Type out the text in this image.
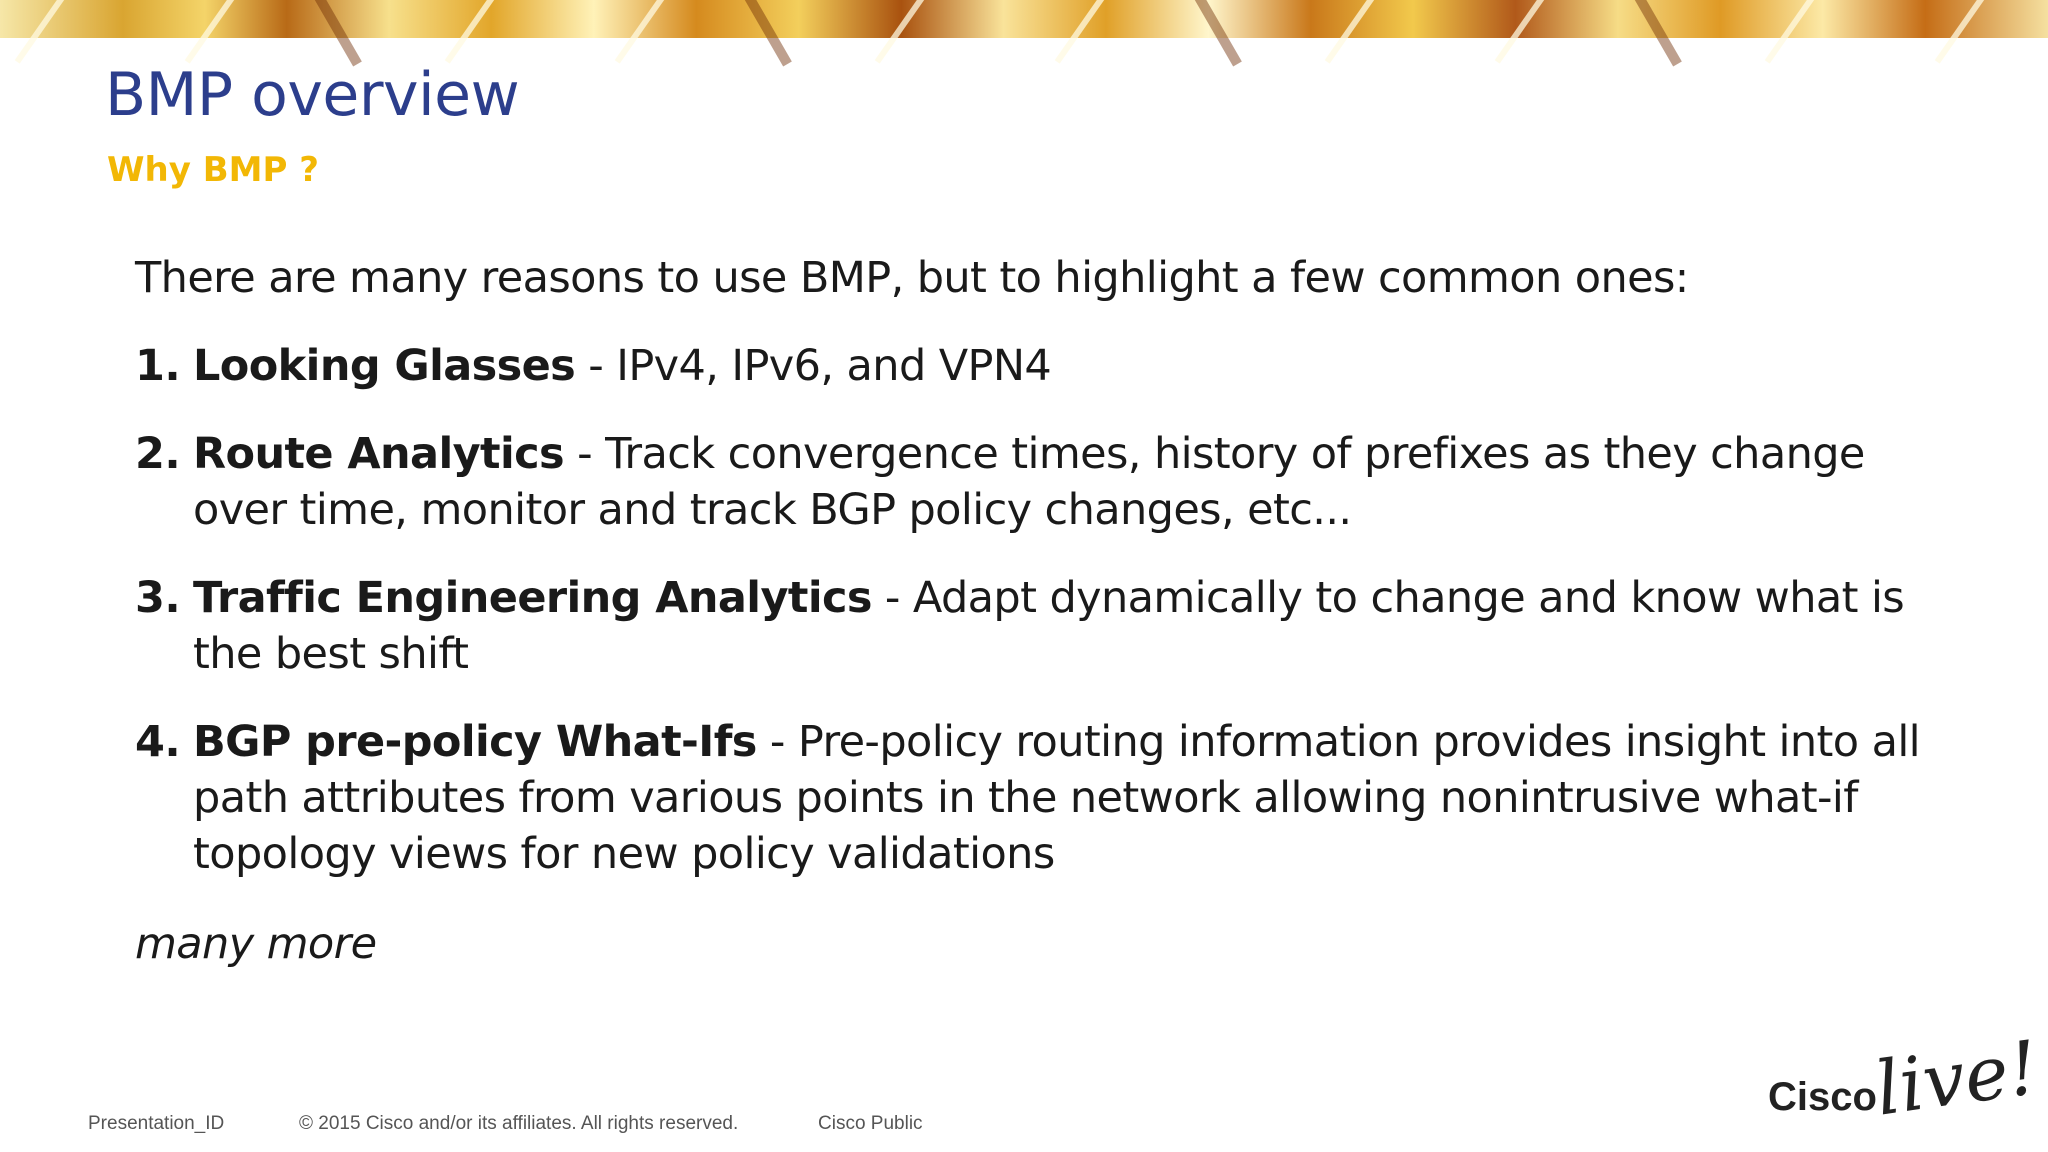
BMP overview
Why BMP ?

There are many reasons to use BMP, but to highlight a few common ones:

1. Looking Glasses - IPv4, IPv6, and VPN4
2. Route Analytics - Track convergence times, history of prefixes as they change over time, monitor and track BGP policy changes, etc...
3. Traffic Engineering Analytics - Adapt dynamically to change and know what is the best shift
4. BGP pre-policy What-Ifs - Pre-policy routing information provides insight into all path attributes from various points in the network allowing nonintrusive what-if topology views for new policy validations

many more

Presentation_ID	© 2015 Cisco and/or its affiliates. All rights reserved.	Cisco Public
Cisco
live!
